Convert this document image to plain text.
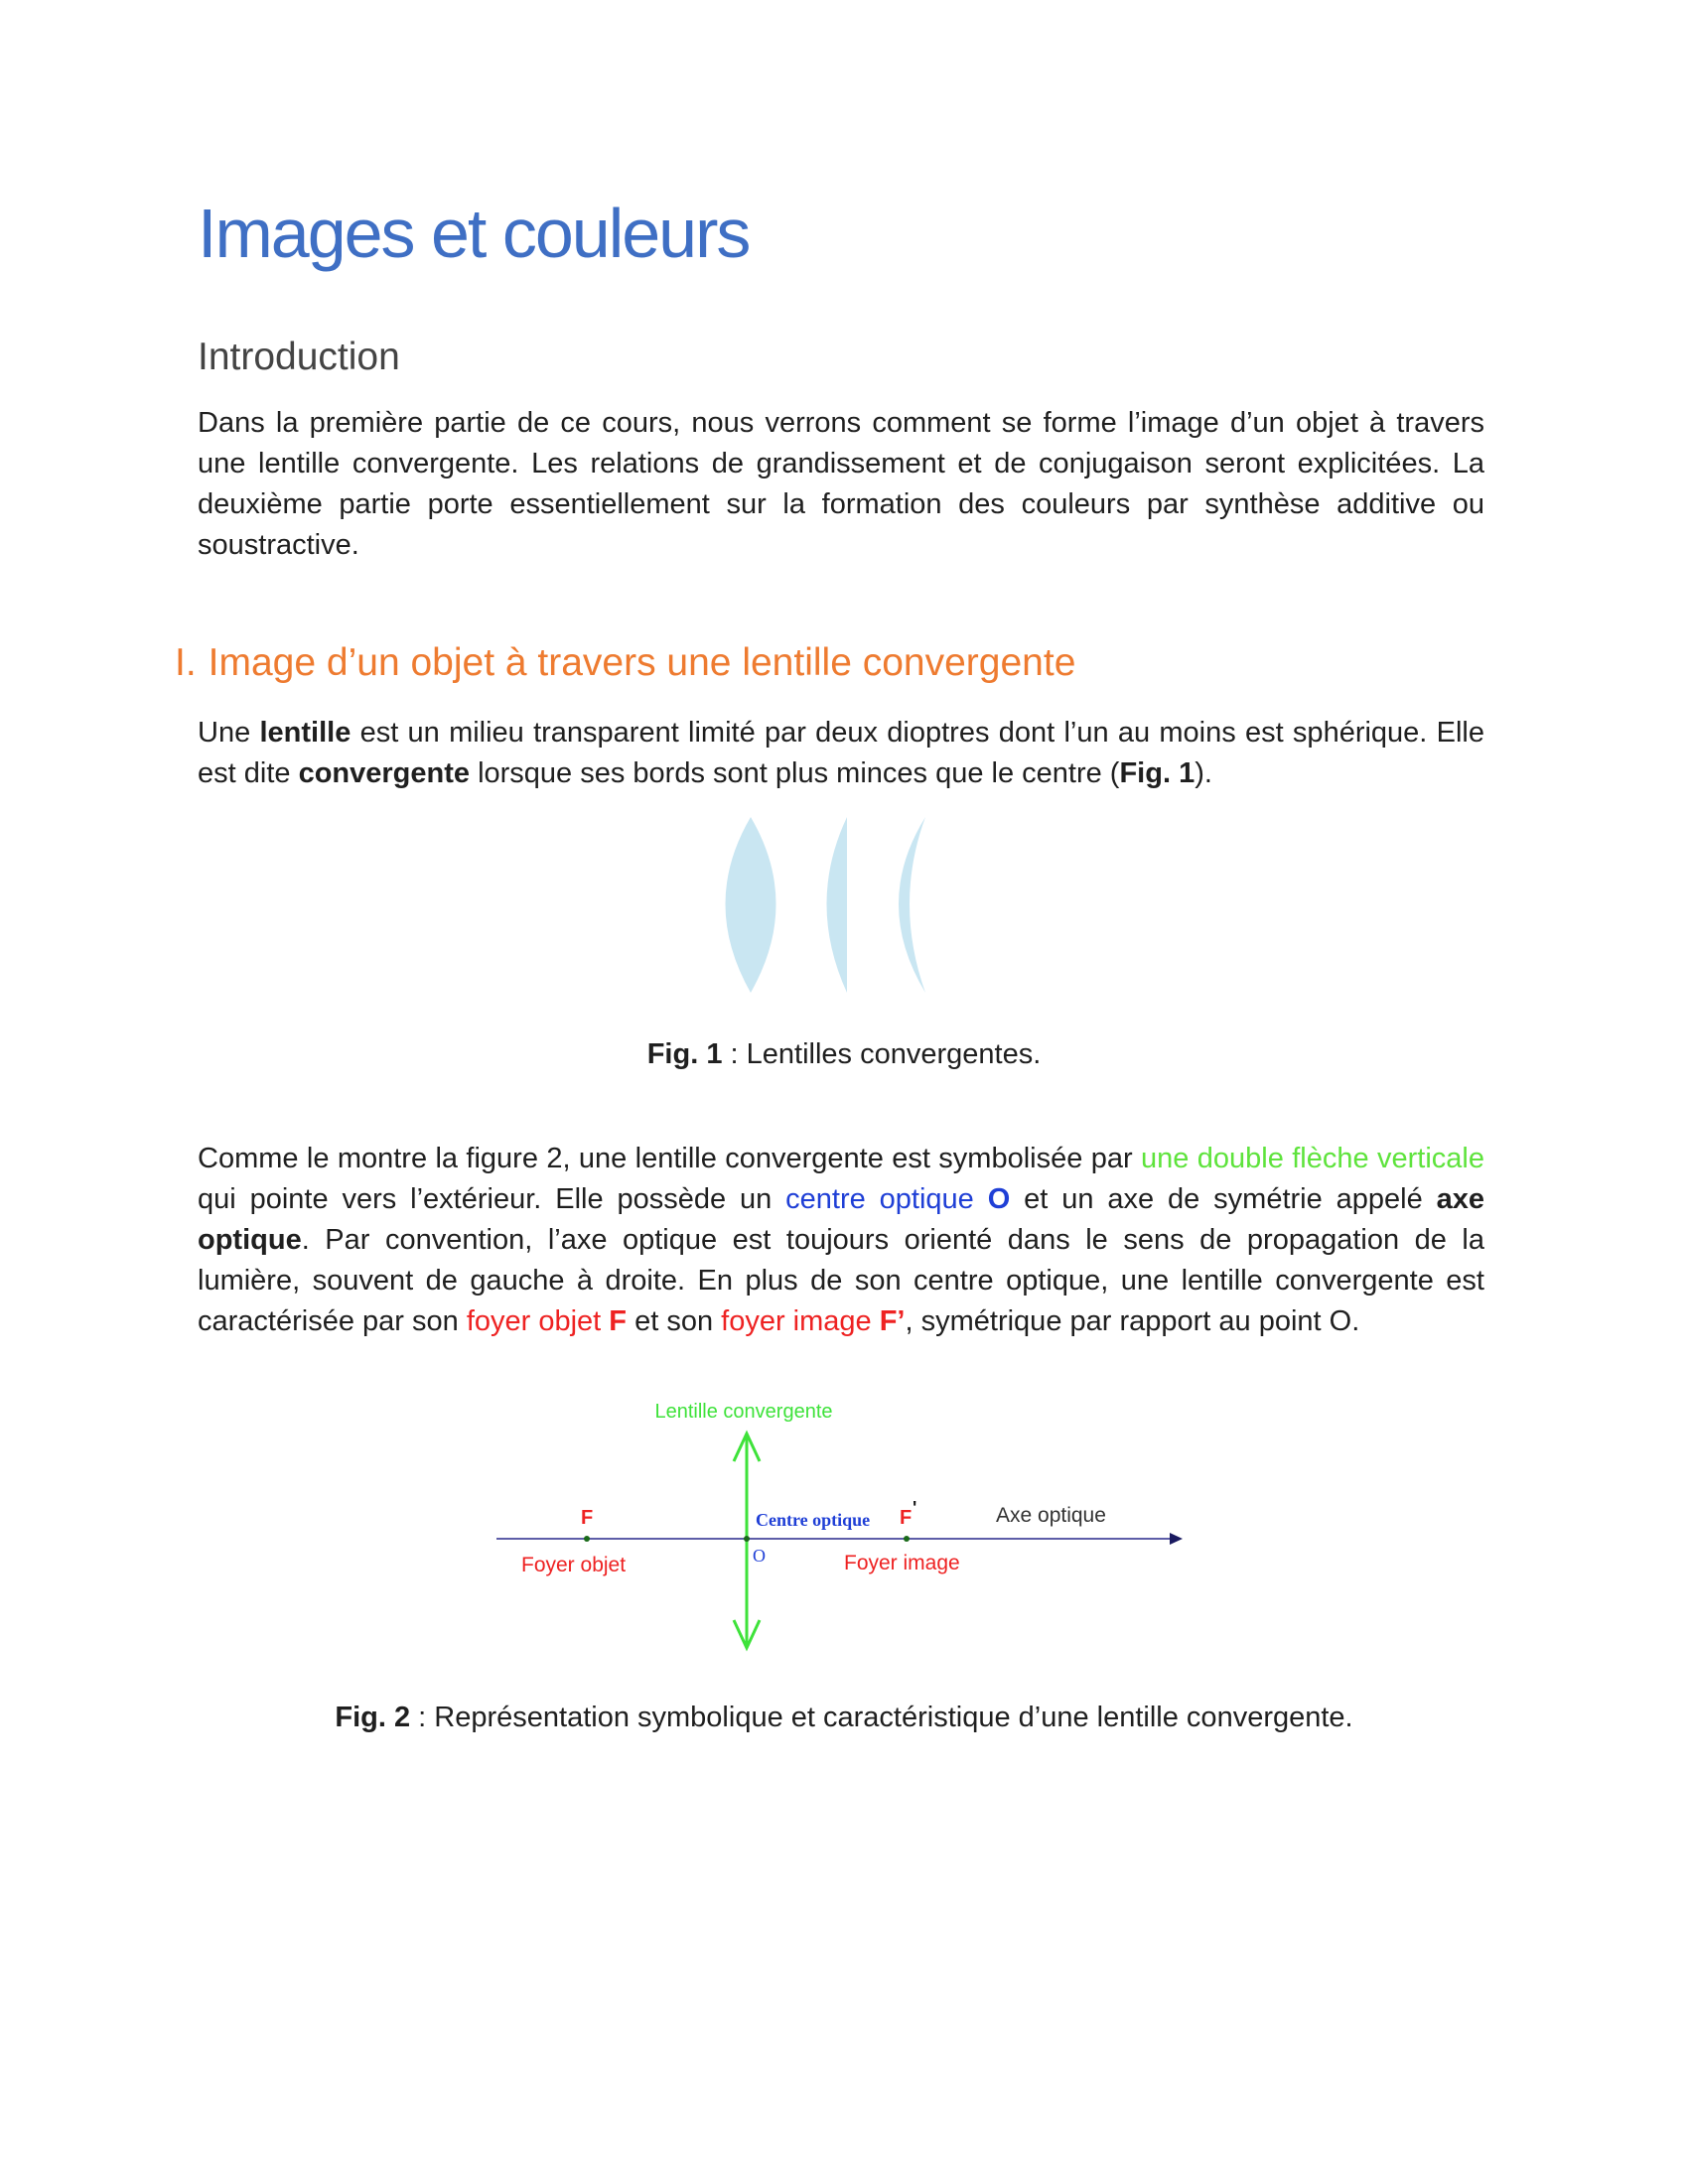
Images et couleurs
Introduction

Dans la première partie de ce cours, nous verrons comment se forme l’image d’un objet à travers une lentille convergente. Les relations de grandissement et de conjugaison seront explicitées. La deuxième partie porte essentiellement sur la formation des couleurs par synthèse additive ou soustractive.

I. Image d’un objet à travers une lentille convergente

Une lentille est un milieu transparent limité par deux dioptres dont l’un au moins est sphérique. Elle est dite convergente lorsque ses bords sont plus minces que le centre (Fig. 1).

Fig. 1 : Lentilles convergentes.

Comme le montre la figure 2, une lentille convergente est symbolisée par une double flèche verticale qui pointe vers l’extérieur. Elle possède un centre optique O et un axe de symétrie appelé axe optique. Par convention, l’axe optique est toujours orienté dans le sens de propagation de la lumière, souvent de gauche à droite. En plus de son centre optique, une lentille convergente est caractérisée par son foyer objet F et son foyer image F’, symétrique par rapport au point O.

Lentille convergente
F	Centre optique F '	Axe optique
O
Foyer objet	Foyer image

Fig. 2 : Représentation symbolique et caractéristique d’une lentille convergente.
